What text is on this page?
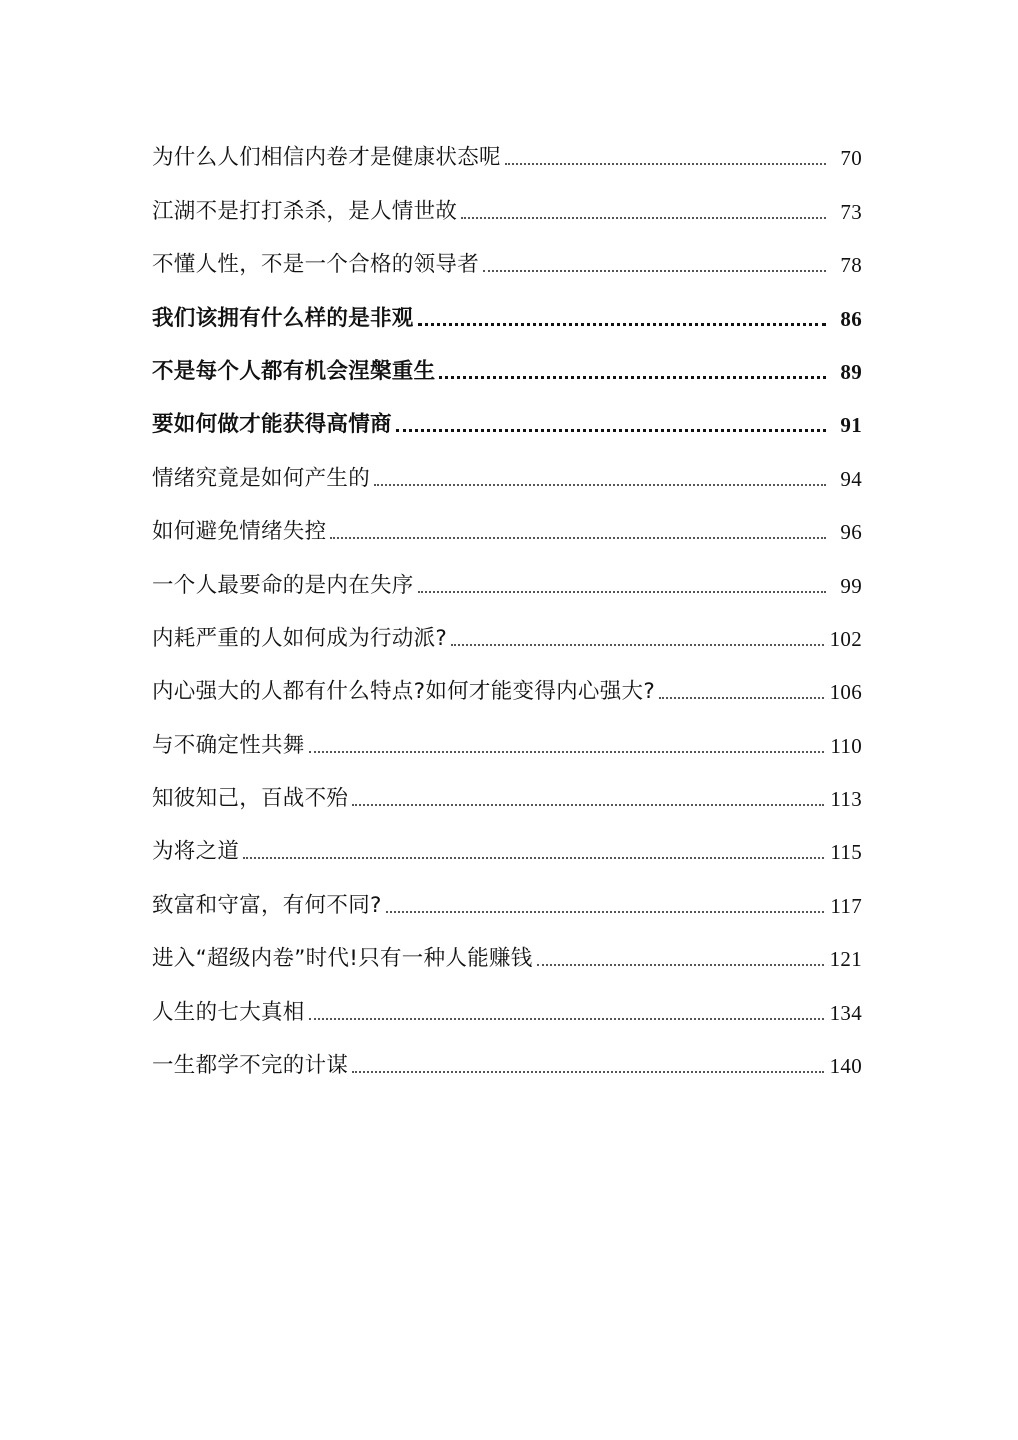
为什么人们相信内卷才是健康状态呢	70
江湖不是打打杀杀，是人情世故	73
不懂人性，不是一个合格的领导者	78
我们该拥有什么样的是非观	86
不是每个人都有机会涅槃重生	89
要如何做才能获得高情商	91
情绪究竟是如何产生的	94
如何避免情绪失控	96
一个人最要命的是内在失序	99
内耗严重的人如何成为行动派?	102
内心强大的人都有什么特点?如何才能变得内心强大?	106
与不确定性共舞	110
知彼知己，百战不殆	113
为将之道	115
致富和守富，有何不同?	117
进入“超级内卷”时代!只有一种人能赚钱	121
人生的七大真相	134
一生都学不完的计谋	140
